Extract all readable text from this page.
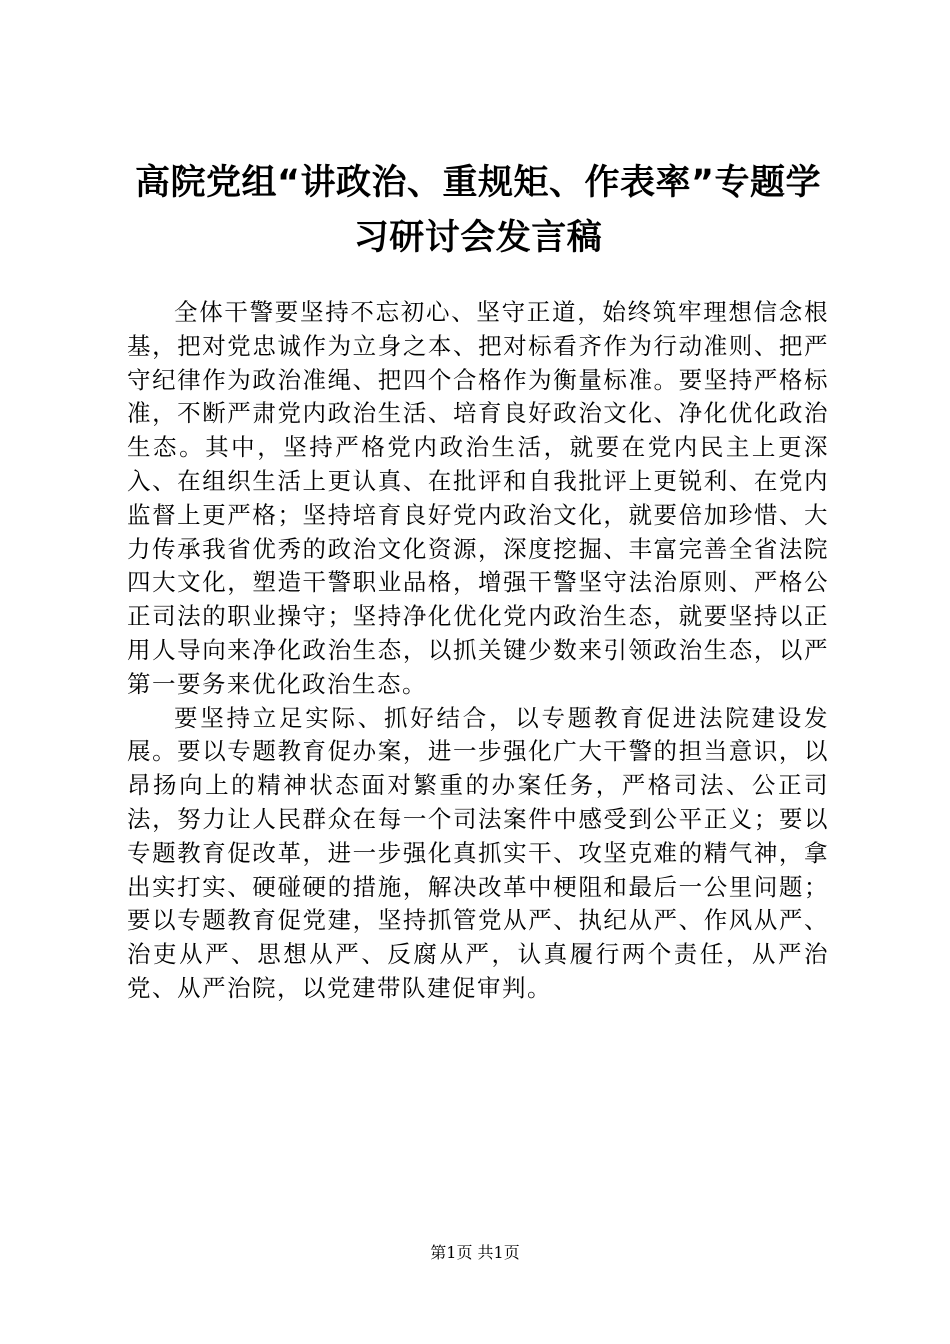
高院党组“讲政治、重规矩、作表率”专题学
习研讨会发言稿

全体干警要坚持不忘初心、坚守正道，始终筑牢理想信念根基，把对党忠诚作为立身之本、把对标看齐作为行动准则、把严守纪律作为政治准绳、把四个合格作为衡量标准。要坚持严格标准，不断严肃党内政治生活、培育良好政治文化、净化优化政治生态。其中，坚持严格党内政治生活，就要在党内民主上更深入、在组织生活上更认真、在批评和自我批评上更锐利、在党内监督上更严格；坚持培育良好党内政治文化，就要倍加珍惜、大力传承我省优秀的政治文化资源，深度挖掘、丰富完善全省法院四大文化，塑造干警职业品格，增强干警坚守法治原则、严格公正司法的职业操守；坚持净化优化党内政治生态，就要坚持以正用人导向来净化政治生态，以抓关键少数来引领政治生态，以严第一要务来优化政治生态。

要坚持立足实际、抓好结合，以专题教育促进法院建设发展。要以专题教育促办案，进一步强化广大干警的担当意识，以昂扬向上的精神状态面对繁重的办案任务，严格司法、公正司法，努力让人民群众在每一个司法案件中感受到公平正义；要以专题教育促改革，进一步强化真抓实干、攻坚克难的精气神，拿出实打实、硬碰硬的措施，解决改革中梗阻和最后一公里问题；要以专题教育促党建，坚持抓管党从严、执纪从严、作风从严、治吏从严、思想从严、反腐从严，认真履行两个责任，从严治党、从严治院，以党建带队建促审判。

第1页 共1页
